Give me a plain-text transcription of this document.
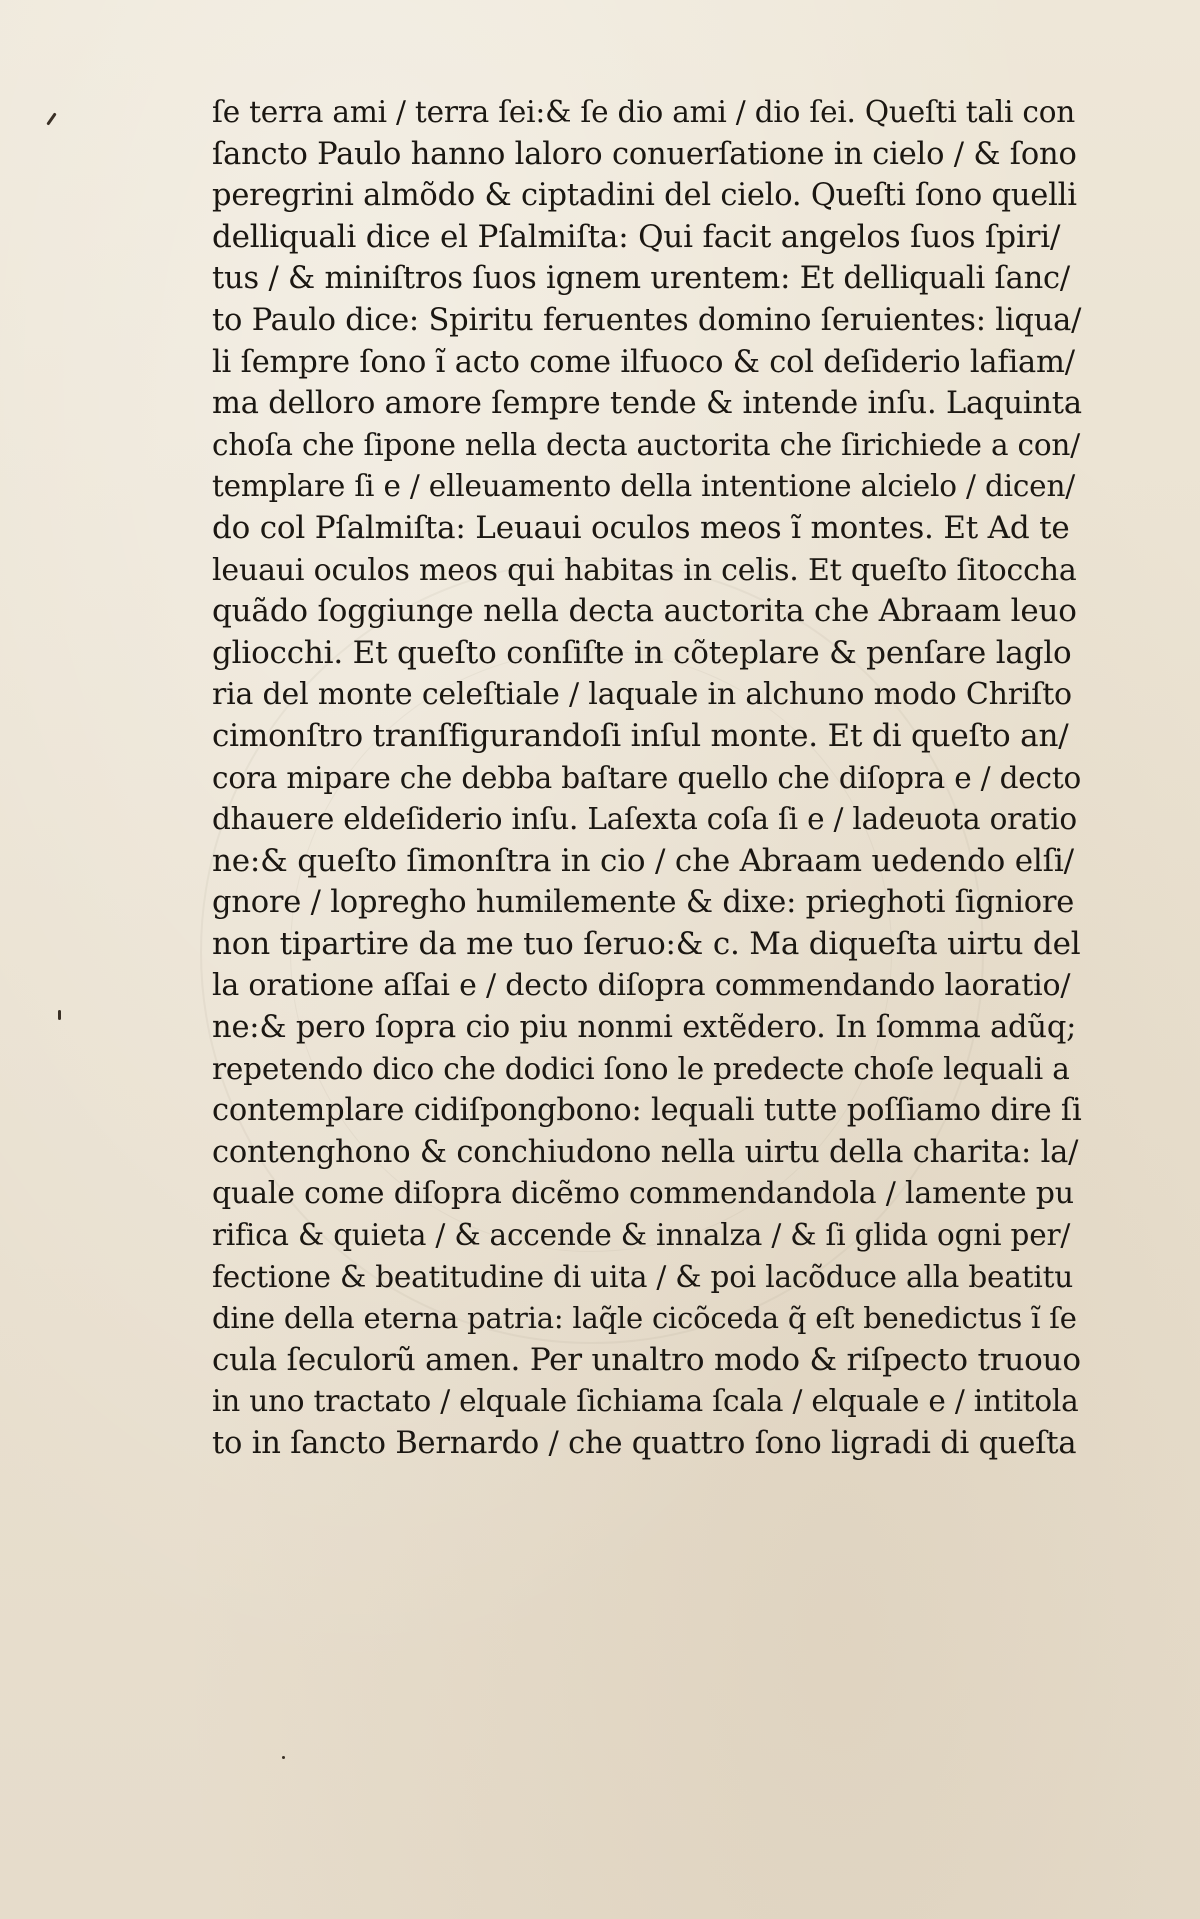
ſe terra ami / terra ſei:& ſe dio ami / dio ſei. Queſti tali con
ſancto Paulo hanno laloro conuerſatione in cielo / & ſono
peregrini almõdo & ciptadini del cielo. Queſti ſono quelli
delliquali dice el Pſalmiſta: Qui facit angelos ſuos ſpiri/
tus / & miniſtros ſuos ignem urentem: Et delliquali ſanc/
to Paulo dice: Spiritu feruentes domino ſeruientes: liqua/
li ſempre ſono ĩ acto come ilfuoco & col deſiderio lafiam/
ma delloro amore ſempre tende & intende inſu. Laquinta
choſa che ſipone nella decta auctorita che ſirichiede a con/
templare ſi e / elleuamento della intentione alcielo / dicen/
do col Pſalmiſta: Leuaui oculos meos ĩ montes. Et Ad te
leuaui oculos meos qui habitas in celis. Et queſto ſitoccha
quãdo ſoggiunge nella decta auctorita che Abraam leuo
gliocchi. Et queſto conſiſte in cõteplare & penſare laglo
ria del monte celeſtiale / laquale in alchuno modo Chriſto
cimonſtro tranſfigurandoſi inſul monte. Et di queſto an/
cora mipare che debba baſtare quello che diſopra e / decto
dhauere eldeſiderio inſu. Laſexta coſa ſi e / ladeuota oratio
ne:& queſto ſimonſtra in cio / che Abraam uedendo elſi/
gnore / lopregho humilemente & dixe: prieghoti ſigniore
non tipartire da me tuo ſeruo:& c. Ma diqueſta uirtu del
la oratione aſſai e / decto diſopra commendando laoratio/
ne:& pero ſopra cio piu nonmi extẽdero. In ſomma adũq;
repetendo dico che dodici ſono le predecte choſe lequali a
contemplare cidiſpongbono: lequali tutte poſſiamo dire ſi
contenghono & conchiudono nella uirtu della charita: la/
quale come diſopra dicẽmo commendandola / lamente pu
rifica & quieta / & accende & innalza / & ſi glida ogni per/
fectione & beatitudine di uita / & poi lacõduce alla beatitu
dine della eterna patria: laq̃le cicõceda q̃ eſt benedictus ĩ ſe
cula ſeculorũ amen. Per unaltro modo & riſpecto truouo
in uno tractato / elquale ſichiama ſcala / elquale e / intitola
to in ſancto Bernardo / che quattro ſono ligradi di queſta
